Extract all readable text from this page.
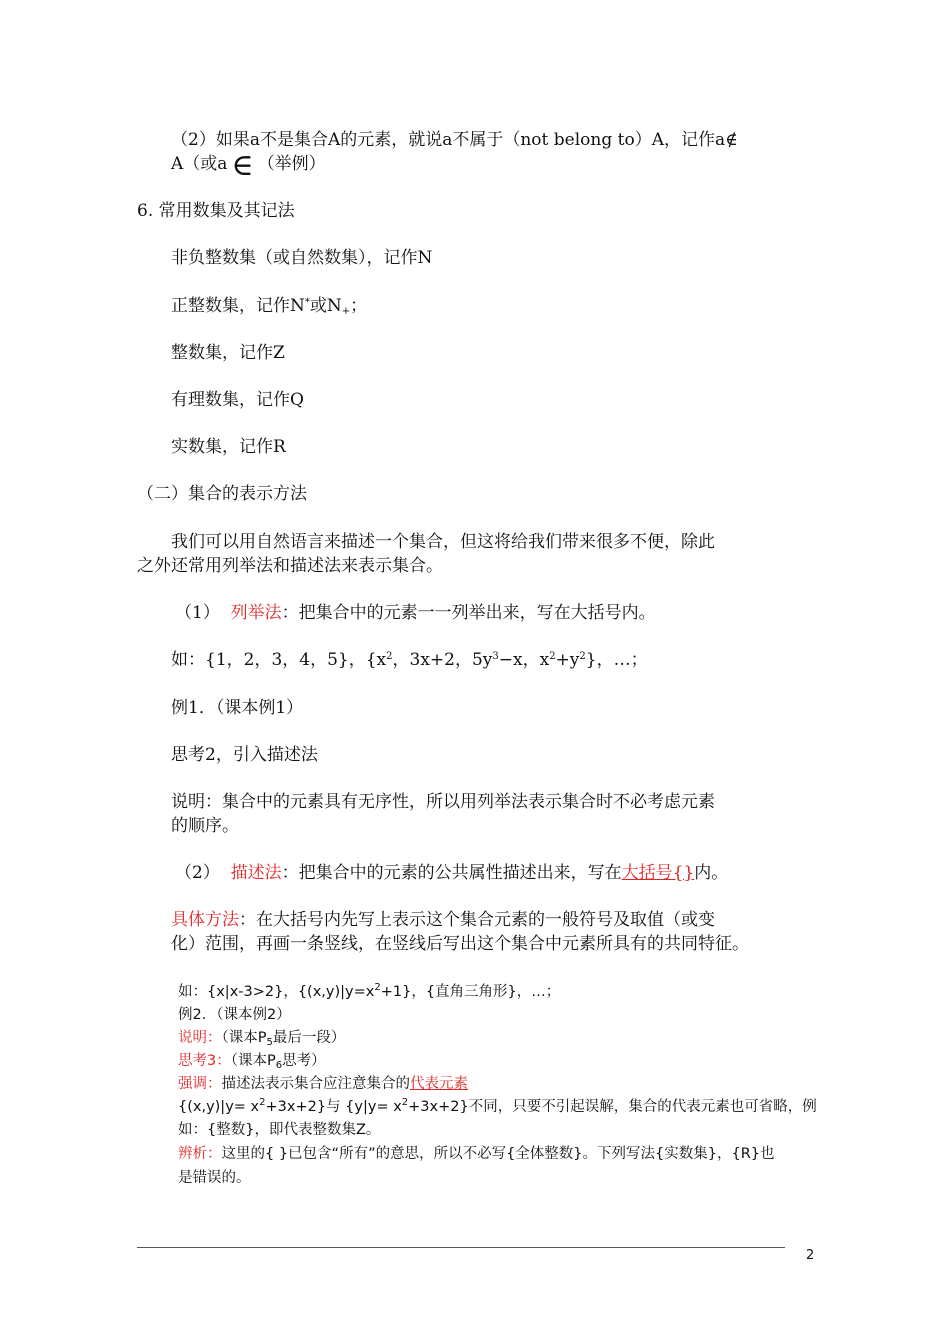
（2）如果a不是集合A的元素，就说a不属于（not belong to）A，记作a∉
A（或a ∈ （举例）
6. 常用数集及其记法
非负整数集（或自然数集），记作N
正整数集，记作N*或$N_+$；
整数集，记作Z
有理数集，记作Q
实数集，记作R
（二）集合的表示方法
我们可以用自然语言来描述一个集合，但这将给我们带来很多不便，除此
之外还常用列举法和描述法来表示集合。
（1） 列举法：把集合中的元素一一列举出来，写在大括号内。
如：{1，2，3，4，5}，{$x^2$，3x+2，$5y^3-x$，$x^2+y^2$}，…；
例1．（课本例1）
思考2，引入描述法
说明：集合中的元素具有无序性，所以用列举法表示集合时不必考虑元素
的顺序。
（2） 描述法：把集合中的元素的公共属性描述出来，写在大括号{}内。
具体方法：在大括号内先写上表示这个集合元素的一般符号及取值（或变
化）范围，再画一条竖线，在竖线后写出这个集合中元素所具有的共同特征。
如：{x|x-3>2}，$\{(x,y)|y=x^2+1\}$，{直角三角形}，…；
例2．（课本例2）
说明：（课本$P_5$最后一段）
思考3：（课本$P_6$思考）
强调：描述法表示集合应注意集合的代表元素
$\{(x,y)|y= x^2+3x+2\}$与 $\{y|y= x^2+3x+2\}$不同，只要不引起误解，集合的代表元素也可省略，例
如：{整数}，即代表整数集Z。
辨析：这里的{ }已包含“所有”的意思，所以不必写{全体整数}。下列写法{实数集}，{R}也
是错误的。
2
